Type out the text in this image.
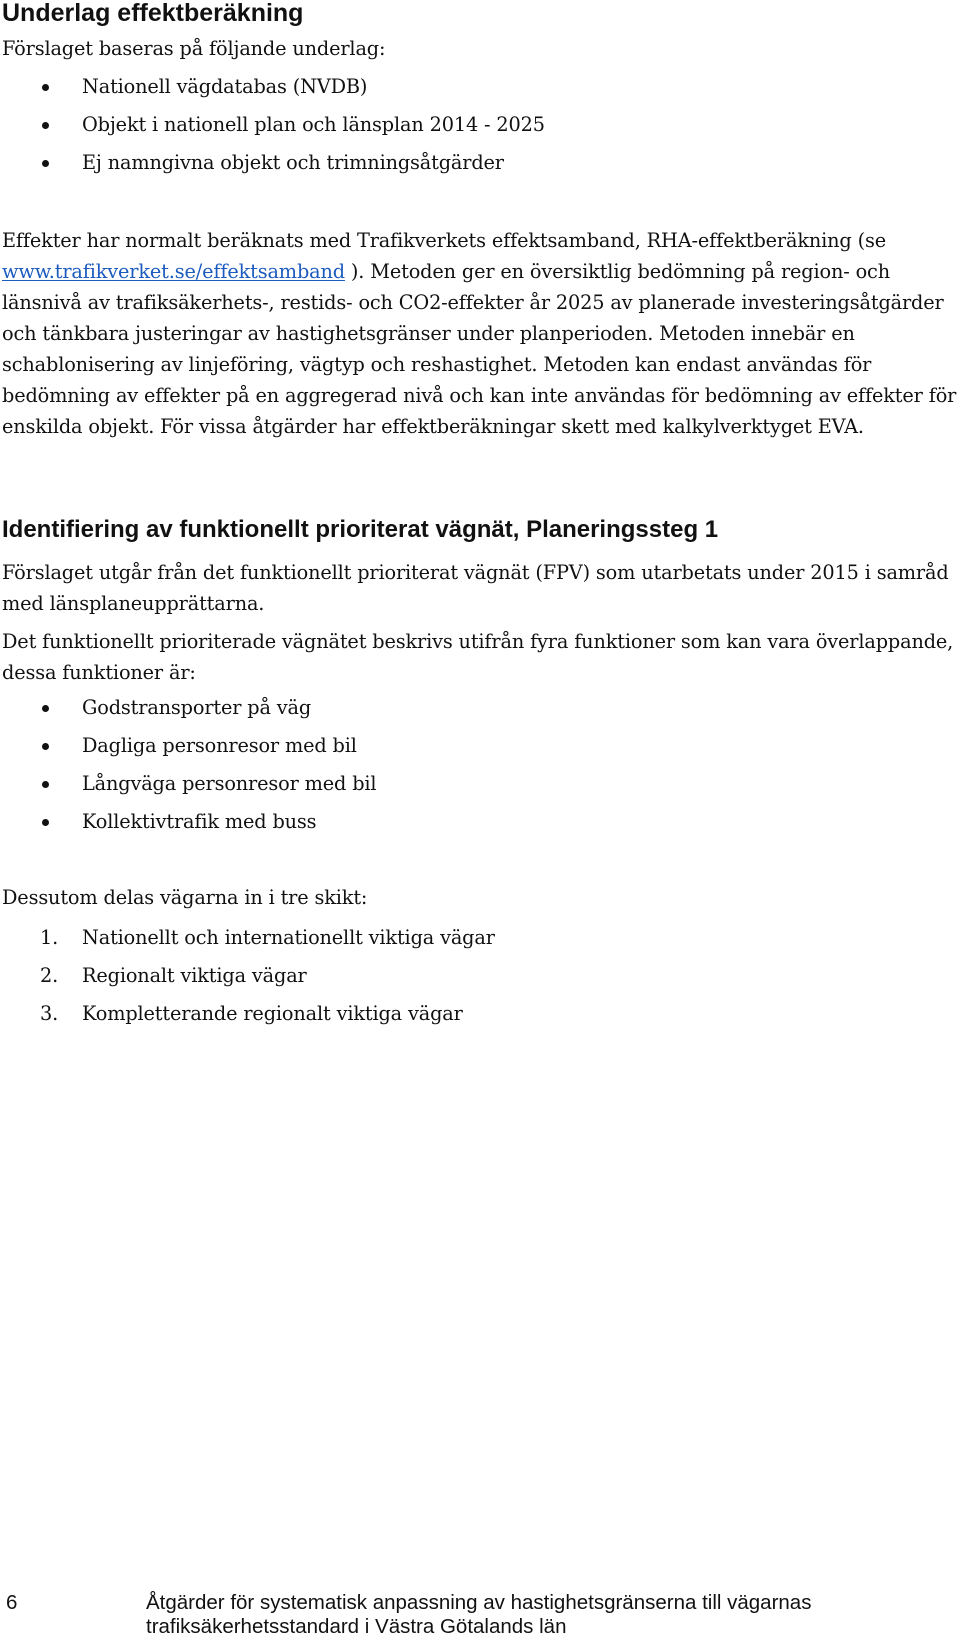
Underlag effektberäkning

Förslaget baseras på följande underlag:

Nationell vägdatabas (NVDB)
Objekt i nationell plan och länsplan 2014 - 2025
Ej namngivna objekt och trimningsåtgärder

Effekter har normalt beräknats med Trafikverkets effektsamband, RHA-effektberäkning (se www.trafikverket.se/effektsamband ). Metoden ger en översiktlig bedömning på region- och länsnivå av trafiksäkerhets-, restids- och CO2-effekter år 2025 av planerade investeringsåtgärder och tänkbara justeringar av hastighetsgränser under planperioden. Metoden innebär en schablonisering av linjeföring, vägtyp och reshastighet. Metoden kan endast användas för bedömning av effekter på en aggregerad nivå och kan inte användas för bedömning av effekter för enskilda objekt. För vissa åtgärder har effektberäkningar skett med kalkylverktyget EVA.

Identifiering av funktionellt prioriterat vägnät, Planeringssteg 1

Förslaget utgår från det funktionellt prioriterat vägnät (FPV) som utarbetats under 2015 i samråd med länsplaneupprättarna.

Det funktionellt prioriterade vägnätet beskrivs utifrån fyra funktioner som kan vara överlappande, dessa funktioner är:

Godstransporter på väg
Dagliga personresor med bil
Långväga personresor med bil
Kollektivtrafik med buss

Dessutom delas vägarna in i tre skikt:

1.	Nationellt och internationellt viktiga vägar
2.	Regionalt viktiga vägar
3.	Kompletterande regionalt viktiga vägar
6	Åtgärder för systematisk anpassning av hastighetsgränserna till vägarnas trafiksäkerhetsstandard i Västra Götalands län
